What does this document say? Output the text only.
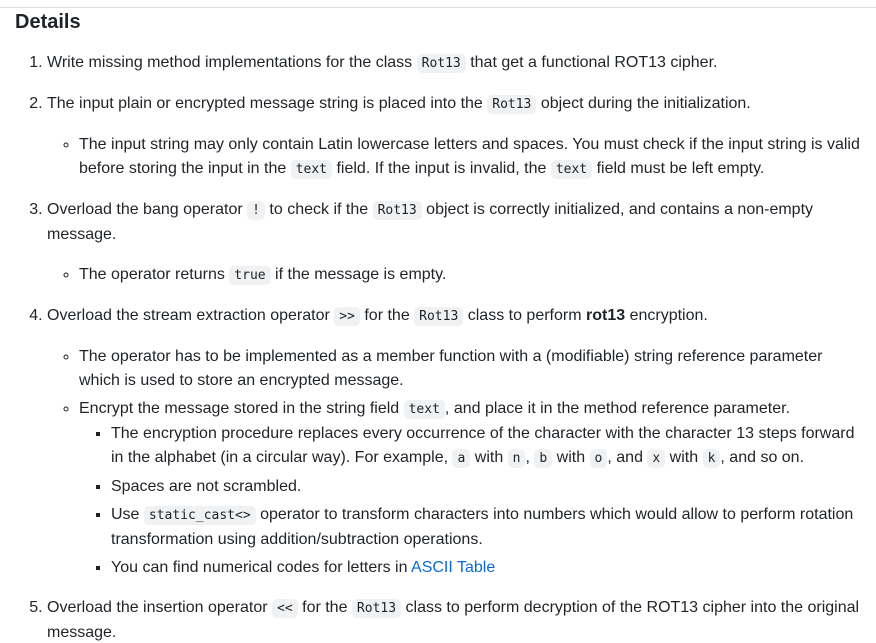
Details

1. Write missing method implementations for the class Rot13 that get a functional ROT13 cipher.

2. The input plain or encrypted message string is placed into the Rot13 object during the initialization.

◦ The input string may only contain Latin lowercase letters and spaces. You must check if the input string is valid before storing the input in the text field. If the input is invalid, the text field must be left empty.

3. Overload the bang operator ! to check if the Rot13 object is correctly initialized, and contains a non-empty message.

◦ The operator returns true if the message is empty.

4. Overload the stream extraction operator >> for the Rot13 class to perform rot13 encryption.

◦ The operator has to be implemented as a member function with a (modifiable) string reference parameter which is used to store an encrypted message.
◦ Encrypt the message stored in the string field text , and place it in the method reference parameter.
▪ The encryption procedure replaces every occurrence of the character with the character 13 steps forward in the alphabet (in a circular way). For example, a with n , b with o , and x with k , and so on.
▪ Spaces are not scrambled.
▪ Use static_cast<> operator to transform characters into numbers which would allow to perform rotation transformation using addition/subtraction operations.
▪ You can find numerical codes for letters in ASCII Table

5. Overload the insertion operator << for the Rot13 class to perform decryption of the ROT13 cipher into the original message.
